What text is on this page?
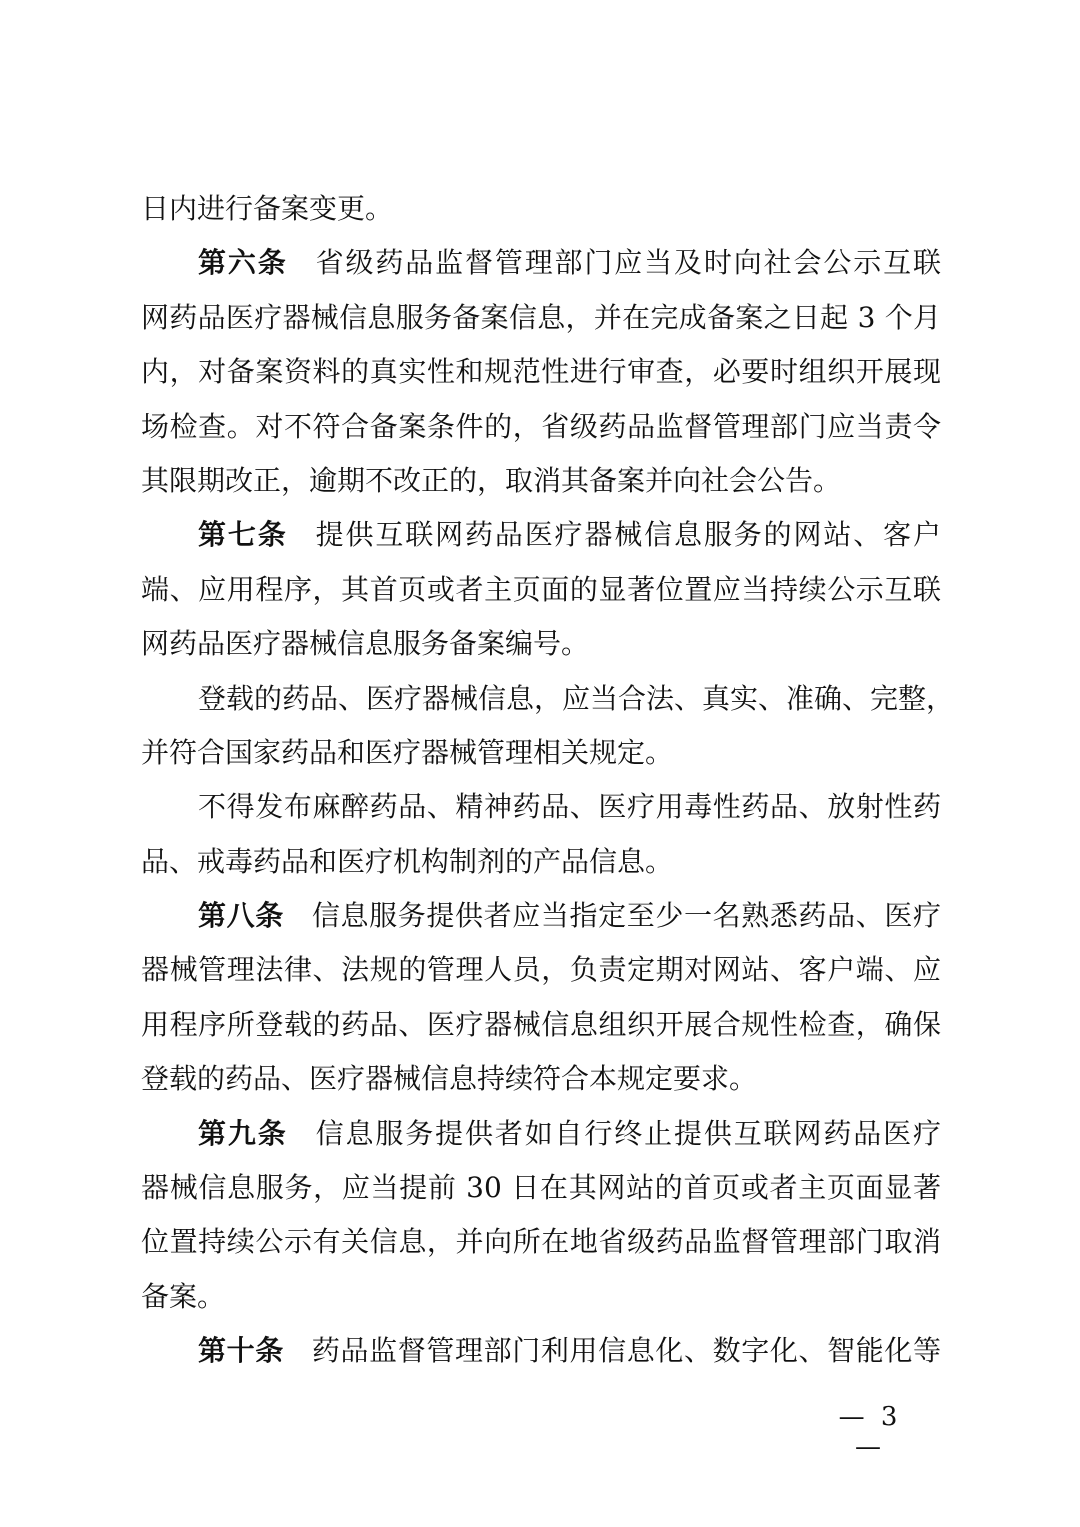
日内进行备案变更。
第六条 省级药品监督管理部门应当及时向社会公示互联
网药品医疗器械信息服务备案信息，并在完成备案之日起 3 个月
内，对备案资料的真实性和规范性进行审查，必要时组织开展现
场检查。对不符合备案条件的，省级药品监督管理部门应当责令
其限期改正，逾期不改正的，取消其备案并向社会公告。
第七条 提供互联网药品医疗器械信息服务的网站、客户
端、应用程序，其首页或者主页面的显著位置应当持续公示互联
网药品医疗器械信息服务备案编号。
登载的药品、医疗器械信息，应当合法、真实、准确、完整，
并符合国家药品和医疗器械管理相关规定。
不得发布麻醉药品、精神药品、医疗用毒性药品、放射性药
品、戒毒药品和医疗机构制剂的产品信息。
第八条 信息服务提供者应当指定至少一名熟悉药品、医疗
器械管理法律、法规的管理人员，负责定期对网站、客户端、应
用程序所登载的药品、医疗器械信息组织开展合规性检查，确保
登载的药品、医疗器械信息持续符合本规定要求。
第九条 信息服务提供者如自行终止提供互联网药品医疗
器械信息服务，应当提前 30 日在其网站的首页或者主页面显著
位置持续公示有关信息，并向所在地省级药品监督管理部门取消
备案。
第十条 药品监督管理部门利用信息化、数字化、智能化等
— 3 —
